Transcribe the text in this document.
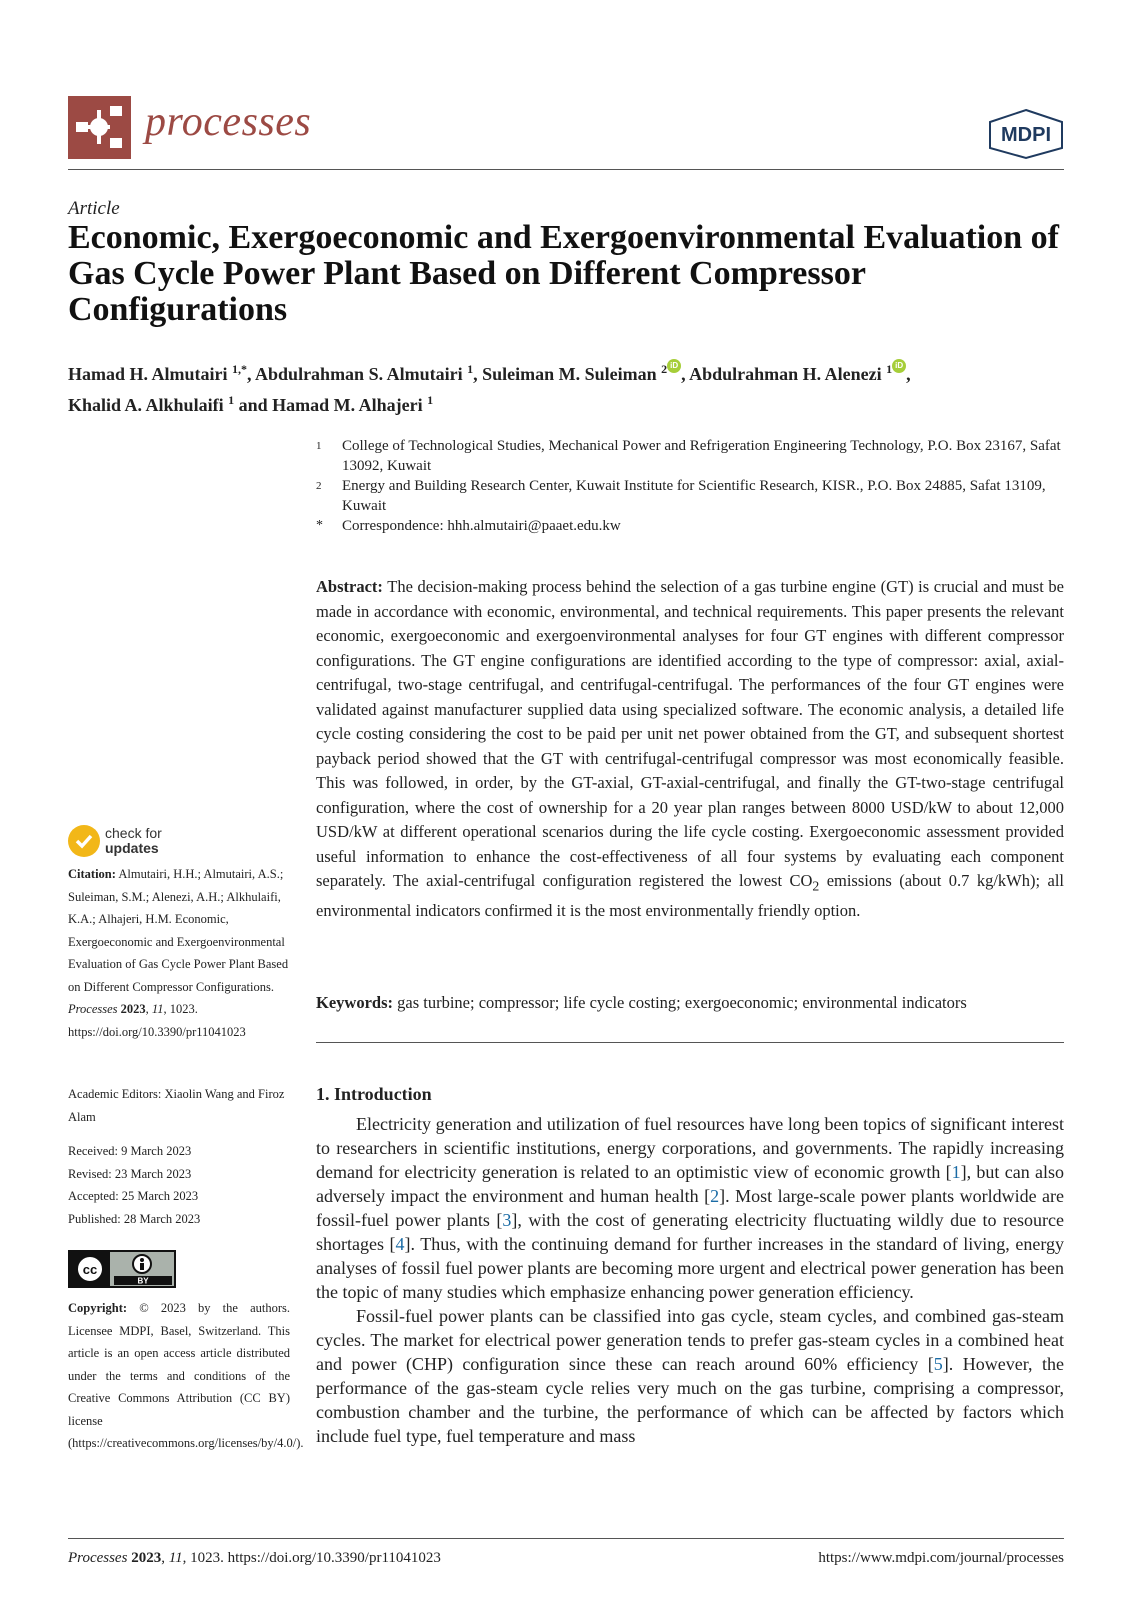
processes	MDPI
Article
Economic, Exergoeconomic and Exergoenvironmental Evaluation of Gas Cycle Power Plant Based on Different Compressor Configurations
Hamad H. Almutairi $^{1,*}$, Abdulrahman S. Almutairi $^1$, Suleiman M. Suleiman $^2$ iD , Abdulrahman H. Alenezi $^1$ iD ,
Khalid A. Alkhulaifi $^1$ and Hamad M. Alhajeri $^1$
1 College of Technological Studies, Mechanical Power and Refrigeration Engineering Technology, P.O. Box 23167, Safat 13092, Kuwait
2 Energy and Building Research Center, Kuwait Institute for Scientific Research, KISR., P.O. Box 24885, Safat 13109, Kuwait
* Correspondence: hhh.almutairi@paaet.edu.kw
Abstract: The decision-making process behind the selection of a gas turbine engine (GT) is crucial and must be made in accordance with economic, environmental, and technical requirements. This paper presents the relevant economic, exergoeconomic and exergoenvironmental analyses for four GT engines with different compressor configurations. The GT engine configurations are identified according to the type of compressor: axial, axial-centrifugal, two-stage centrifugal, and centrifugal-centrifugal. The performances of the four GT engines were validated against manufacturer supplied data using specialized software. The economic analysis, a detailed life cycle costing considering the cost to be paid per unit net power obtained from the GT, and subsequent shortest payback period showed that the GT with centrifugal-centrifugal compressor was most economically feasible. This was followed, in order, by the GT-axial, GT-axial-centrifugal, and finally the GT-two-stage centrifugal configuration, where the cost of ownership for a 20 year plan ranges between 8000 USD/kW to about 12,000 USD/kW at different operational scenarios during the life cycle costing. Exergoeconomic assessment provided useful information to enhance the cost-effectiveness of all four systems by evaluating each component separately. The axial-centrifugal configuration registered the lowest $CO_2$ emissions (about 0.7 kg/kWh); all environmental indicators confirmed it is the most environmentally friendly option.
Keywords: gas turbine; compressor; life cycle costing; exergoeconomic; environmental indicators
1. Introduction

Electricity generation and utilization of fuel resources have long been topics of significant interest to researchers in scientific institutions, energy corporations, and governments. The rapidly increasing demand for electricity generation is related to an optimistic view of economic growth [1], but can also adversely impact the environment and human health [2]. Most large-scale power plants worldwide are fossil-fuel power plants [3], with the cost of generating electricity fluctuating wildly due to resource shortages [4]. Thus, with the continuing demand for further increases in the standard of living, energy analyses of fossil fuel power plants are becoming more urgent and electrical power generation has been the topic of many studies which emphasize enhancing power generation efficiency.

Fossil-fuel power plants can be classified into gas cycle, steam cycles, and combined gas-steam cycles. The market for electrical power generation tends to prefer gas-steam cycles in a combined heat and power (CHP) configuration since these can reach around 60% efficiency [5]. However, the performance of the gas-steam cycle relies very much on the gas turbine, comprising a compressor, combustion chamber and the turbine, the performance of which can be affected by factors which include fuel type, fuel temperature and mass

check for
updates
Citation: Almutairi, H.H.; Almutairi, A.S.; Suleiman, S.M.; Alenezi, A.H.; Alkhulaifi, K.A.; Alhajeri, H.M. Economic, Exergoeconomic and Exergoenvironmental Evaluation of Gas Cycle Power Plant Based on Different Compressor Configurations. Processes 2023, 11, 1023. https://doi.org/10.3390/pr11041023
Academic Editors: Xiaolin Wang and Firoz Alam
Received: 9 March 2023
Revised: 23 March 2023
Accepted: 25 March 2023
Published: 28 March 2023
cc
BY
Copyright: © 2023 by the authors. Licensee MDPI, Basel, Switzerland. This article is an open access article distributed under the terms and conditions of the Creative Commons Attribution (CC BY) license (https://creativecommons.org/licenses/by/4.0/).
Processes 2023, 11, 1023. https://doi.org/10.3390/pr11041023	https://www.mdpi.com/journal/processes
